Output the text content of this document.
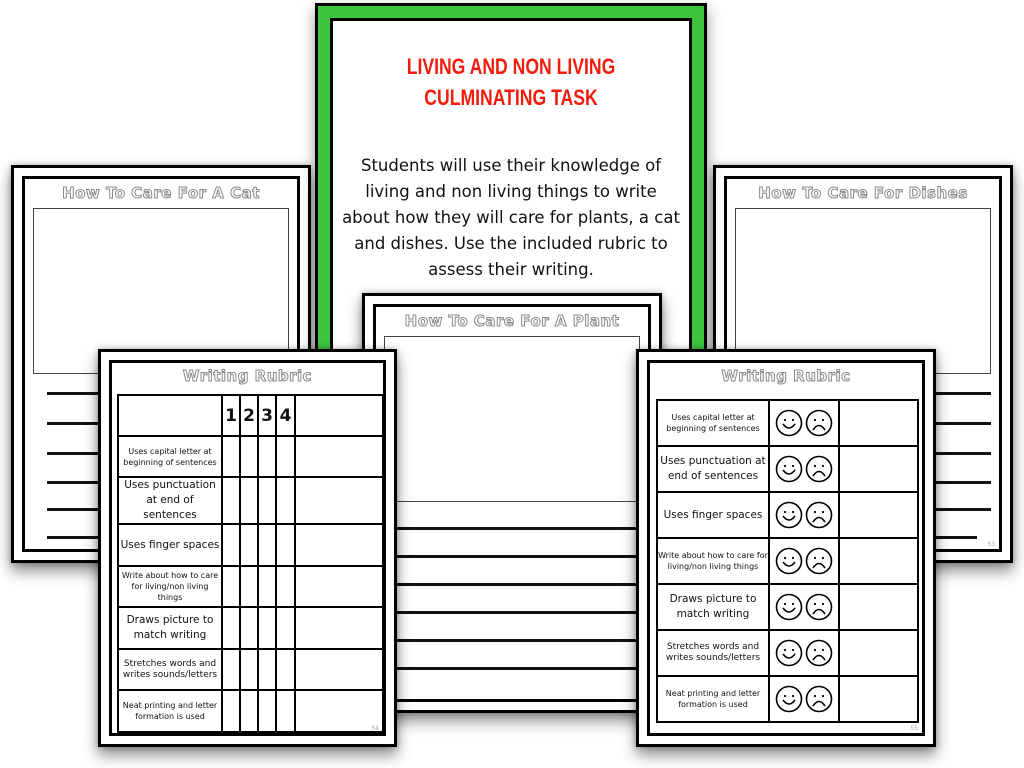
How To Care For A Cat	How To Care For Dishes
53
LIVING AND NON LIVING
CULMINATING TASK
Students will use their knowledge of living and non living things to write about how they will care for plants, a cat and dishes. Use the included rubric to assess their writing.
How To Care For A Plant
Writing Rubric
	1	2	3	4	
Uses capital letter at beginning of sentences					
Uses punctuation at end of sentences					
Uses finger spaces					
Write about how to care for living/non living things					
Draws picture to match writing					
Stretches words and writes sounds/letters					
Neat printing and letter formation is used					
54
Writing Rubric
Uses capital letter at beginning of sentences		
Uses punctuation at end of sentences		
Uses finger spaces		
Write about how to care for living/non living things		
Draws picture to match writing		
Stretches words and writes sounds/letters		
Neat printing and letter formation is used		
55
